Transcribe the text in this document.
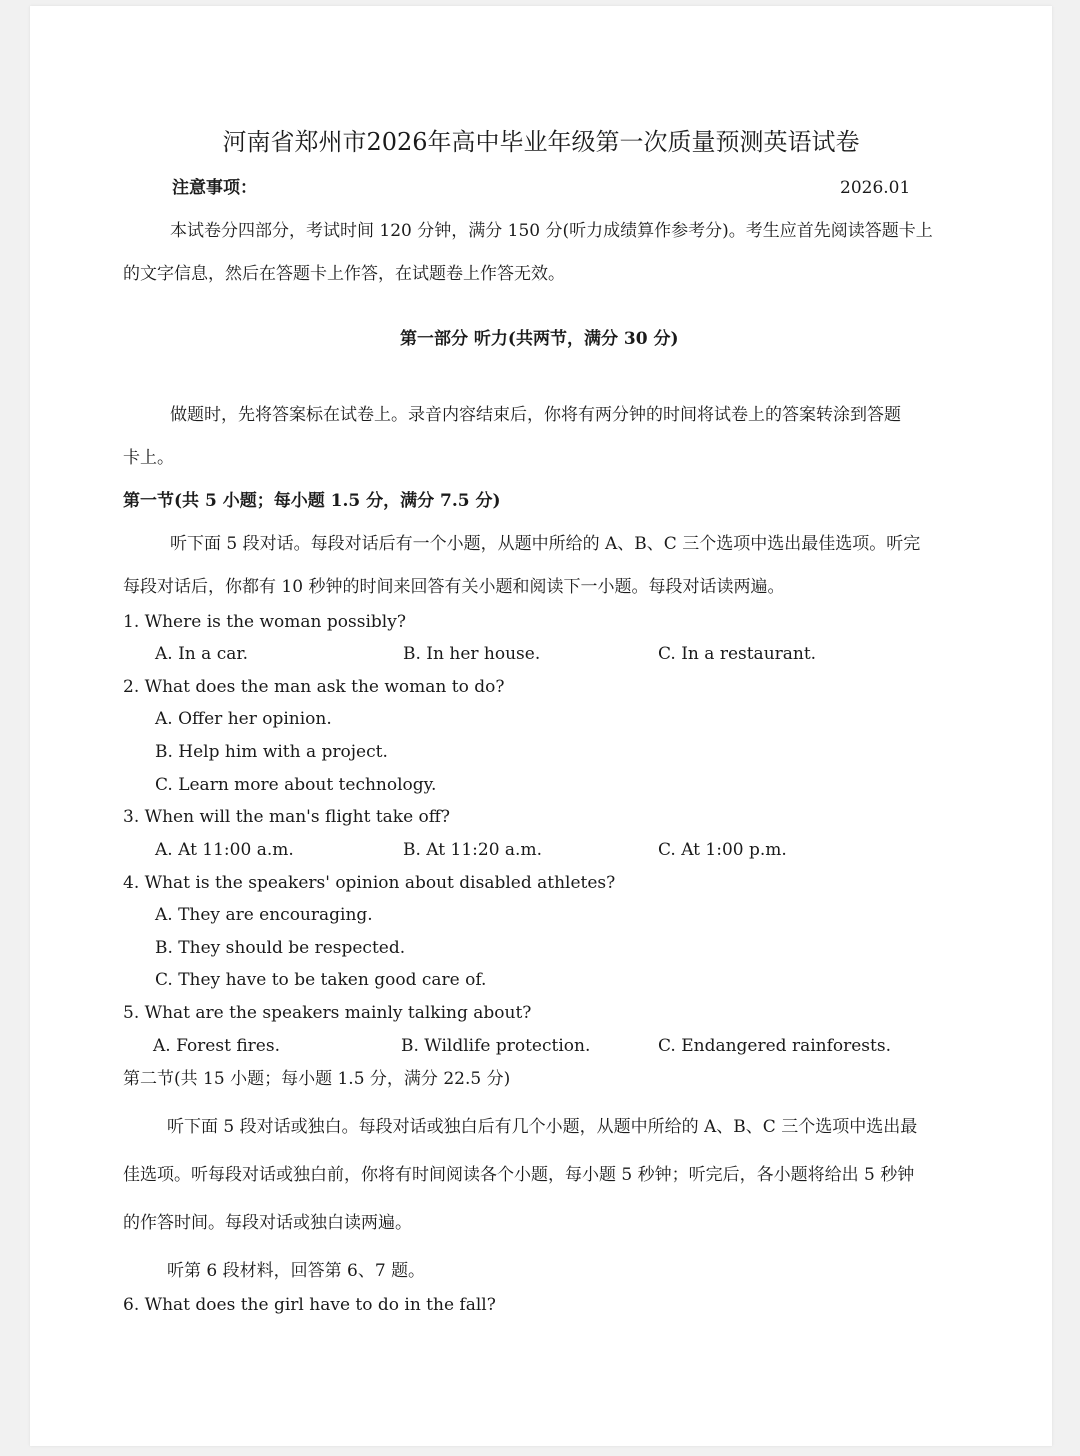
河南省郑州市2026年高中毕业年级第一次质量预测英语试卷
注意事项：	2026.01
本试卷分四部分，考试时间 120 分钟，满分 150 分(听力成绩算作参考分)。考生应首先阅读答题卡上
的文字信息，然后在答题卡上作答，在试题卷上作答无效。
第一部分 听力(共两节，满分 30 分)
做题时，先将答案标在试卷上。录音内容结束后，你将有两分钟的时间将试卷上的答案转涂到答题
卡上。
第一节(共 5 小题；每小题 1.5 分，满分 7.5 分)
听下面 5 段对话。每段对话后有一个小题，从题中所给的 A、B、C 三个选项中选出最佳选项。听完
每段对话后，你都有 10 秒钟的时间来回答有关小题和阅读下一小题。每段对话读两遍。
1. Where is the woman possibly?
A. In a car.	B. In her house.	C. In a restaurant.
2. What does the man ask the woman to do?
A. Offer her opinion.
B. Help him with a project.
C. Learn more about technology.
3. When will the man's flight take off?
A. At 11:00 a.m.	B. At 11:20 a.m.	C. At 1:00 p.m.
4. What is the speakers' opinion about disabled athletes?
A. They are encouraging.
B. They should be respected.
C. They have to be taken good care of.
5. What are the speakers mainly talking about?
A. Forest fires.	B. Wildlife protection.	C. Endangered rainforests.
第二节(共 15 小题；每小题 1.5 分，满分 22.5 分)
听下面 5 段对话或独白。每段对话或独白后有几个小题，从题中所给的 A、B、C 三个选项中选出最
佳选项。听每段对话或独白前，你将有时间阅读各个小题，每小题 5 秒钟；听完后，各小题将给出 5 秒钟
的作答时间。每段对话或独白读两遍。
听第 6 段材料，回答第 6、7 题。
6. What does the girl have to do in the fall?
